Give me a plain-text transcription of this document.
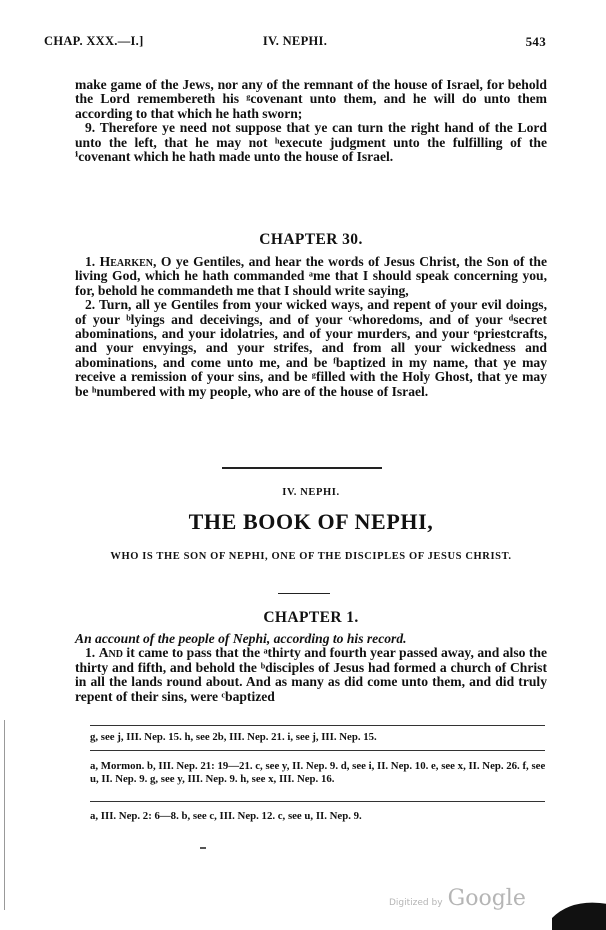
CHAP. XXX.—I.]	IV. NEPHI.	543

make game of the Jews, nor any of the remnant of the house of Israel, for behold the Lord remembereth his ᵍcovenant unto them, and he will do unto them according to that which he hath sworn;

9. Therefore ye need not suppose that ye can turn the right hand of the Lord unto the left, that he may not ʰexecute judgment unto the fulfilling of the ⁱcovenant which he hath made unto the house of Israel.

CHAPTER 30.

1. Hearken, O ye Gentiles, and hear the words of Jesus Christ, the Son of the living God, which he hath commanded ᵃme that I should speak concerning you, for, behold he commandeth me that I should write saying,

2. Turn, all ye Gentiles from your wicked ways, and repent of your evil doings, of your ᵇlyings and deceivings, and of your ᶜwhoredoms, and of your ᵈsecret abominations, and your idolatries, and of your murders, and your ᵉpriestcrafts, and your envyings, and your strifes, and from all your wickedness and abominations, and come unto me, and be ᶠbaptized in my name, that ye may receive a remission of your sins, and be ᵍfilled with the Holy Ghost, that ye may be ʰnumbered with my people, who are of the house of Israel.

IV. NEPHI.
THE BOOK OF NEPHI,
WHO IS THE SON OF NEPHI, ONE OF THE DISCIPLES OF JESUS CHRIST.

CHAPTER 1.

An account of the people of Nephi, according to his record.

1. And it came to pass that the ᵃthirty and fourth year passed away, and also the thirty and fifth, and behold the ᵇdisciples of Jesus had formed a church of Christ in all the lands round about. And as many as did come unto them, and did truly repent of their sins, were ᶜbaptized

g, see j, III. Nep. 15. h, see 2b, III. Nep. 21. i, see j, III. Nep. 15.
a, Mormon. b, III. Nep. 21: 19—21. c, see y, II. Nep. 9. d, see i, II. Nep. 10. e, see x, II. Nep. 26. f, see u, II. Nep. 9. g, see y, III. Nep. 9. h, see x, III. Nep. 16.
a, III. Nep. 2: 6—8. b, see c, III. Nep. 12. c, see u, II. Nep. 9.
Digitized by Google
